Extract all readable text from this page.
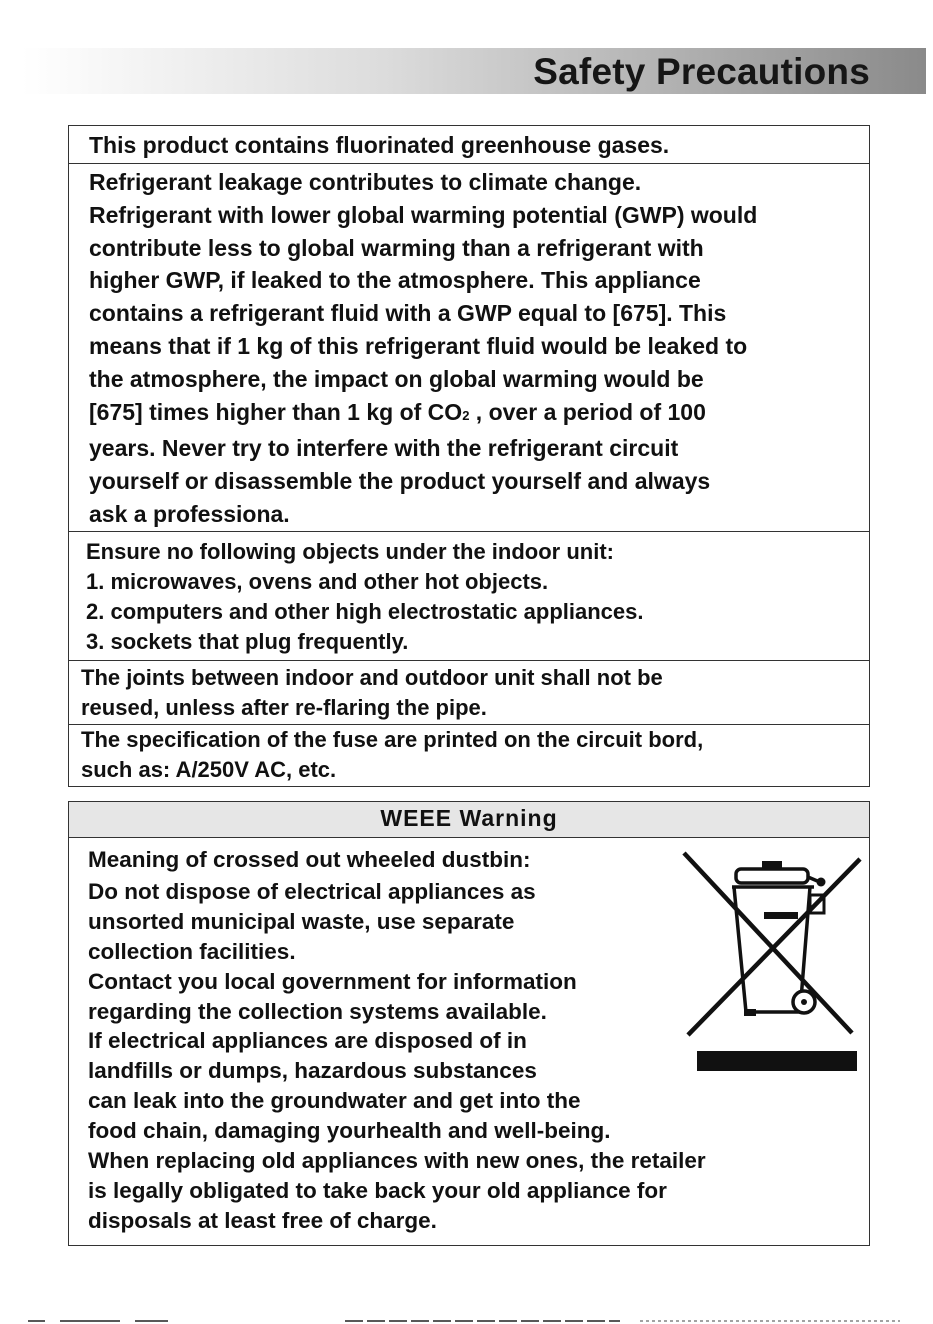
Safety Precautions
This product contains fluorinated greenhouse gases.
Refrigerant leakage contributes to climate change.
Refrigerant with lower global warming potential (GWP) would
contribute less to global warming than a refrigerant with
higher GWP, if leaked to the atmosphere. This appliance
contains a refrigerant fluid with a GWP equal to [675]. This
means that if 1 kg of this refrigerant fluid would be leaked to
the atmosphere, the impact on global warming would be
[675] times higher than 1 kg of CO2 , over a period of 100
years. Never try to interfere with the refrigerant circuit
yourself or disassemble the product yourself and always
ask a professiona.
Ensure no following objects under the indoor unit:
1. microwaves, ovens and other hot objects.
2. computers and other high electrostatic appliances.
3. sockets that plug frequently.
The joints between indoor and outdoor unit shall not be
reused, unless after re-flaring the pipe.
The specification of the fuse are printed on the circuit bord,
such as: A/250V AC, etc.
WEEE Warning
Meaning of crossed out wheeled dustbin:
Do not dispose of electrical appliances as
unsorted municipal waste, use separate
collection facilities.
Contact you local government for information
regarding the collection systems available.
If electrical appliances are disposed of in
landfills or dumps, hazardous substances
can leak into the groundwater and get into the
food chain, damaging yourhealth and well-being.
When replacing old appliances with new ones, the retailer
is legally obligated to take back your old appliance for
disposals at least free of charge.
